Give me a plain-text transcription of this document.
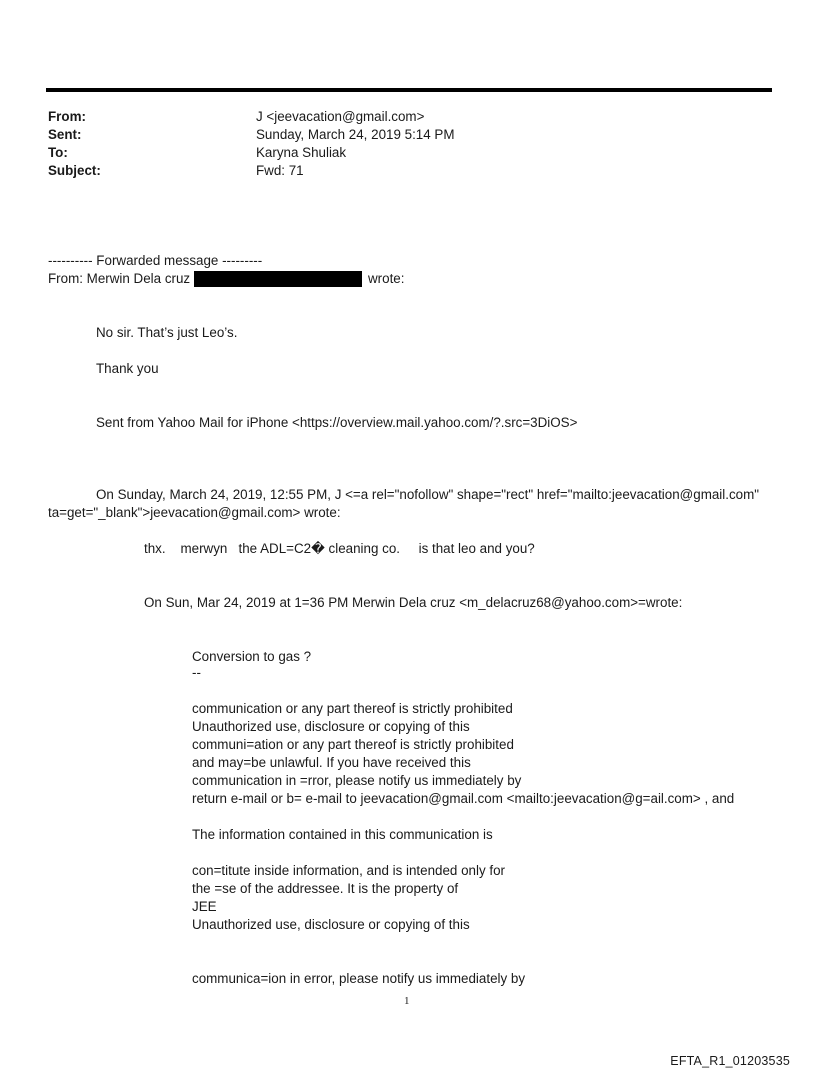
From:	J <jeevacation@gmail.com>
Sent:	Sunday, March 24, 2019 5:14 PM
To:	Karyna Shuliak
Subject:	Fwd: 71
---------- Forwarded message ---------
From: Merwin Dela cruz	wrote:
No sir. That’s just Leo’s.
Thank you
Sent from Yahoo Mail for iPhone <https://overview.mail.yahoo.com/?.src=3DiOS>
On Sunday, March 24, 2019, 12:55 PM, J <=a rel="nofollow" shape="rect" href="mailto:jeevacation@gmail.com"
ta=get="_blank">jeevacation@gmail.com> wrote:
thx.    merwyn   the ADL=C2� cleaning co.     is that leo and you?
On Sun, Mar 24, 2019 at 1=36 PM Merwin Dela cruz <m_delacruz68@yahoo.com>=wrote:
Conversion to gas ?
--
communication or any part thereof is strictly prohibited
Unauthorized use, disclosure or copying of this
communi=ation or any part thereof is strictly prohibited
and may=be unlawful. If you have received this
communication in =rror, please notify us immediately by
return e-mail or b= e-mail to jeevacation@gmail.com <mailto:jeevacation@g=ail.com> , and
The information contained in this communication is
con=titute inside information, and is intended only for
the =se of the addressee. It is the property of
JEE
Unauthorized use, disclosure or copying of this
communica=ion in error, please notify us immediately by
1
EFTA_R1_01203535
